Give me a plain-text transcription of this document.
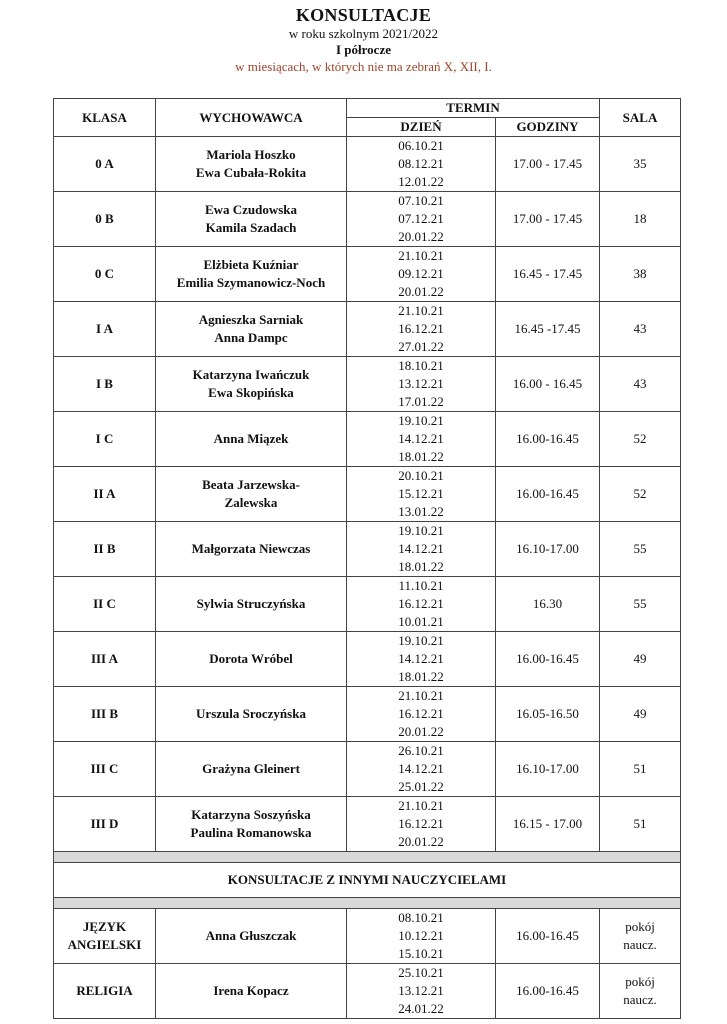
KONSULTACJE
w roku szkolnym 2021/2022
I półrocze
w miesiącach, w których nie ma zebrań X, XII, I.
KLASA	WYCHOWAWCA	TERMIN		SALA
		DZIEŃ	GODZINY	
0 A	Mariola Hoszko
Ewa Cubała-Rokita	06.10.21
08.12.21
12.01.22	17.00 - 17.45	35
0 B	Ewa Czudowska
Kamila Szadach	07.10.21
07.12.21
20.01.22	17.00 - 17.45	18
0 C	Elżbieta Kuźniar
Emilia Szymanowicz-Noch	21.10.21
09.12.21
20.01.22	16.45 - 17.45	38
I A	Agnieszka Sarniak
Anna Dampc	21.10.21
16.12.21
27.01.22	16.45 -17.45	43
I B	Katarzyna Iwańczuk
Ewa Skopińska	18.10.21
13.12.21
17.01.22	16.00 - 16.45	43
I C	Anna Miązek	19.10.21
14.12.21
18.01.22	16.00-16.45	52
II A	Beata Jarzewska-
Zalewska	20.10.21
15.12.21
13.01.22	16.00-16.45	52
II B	Małgorzata Niewczas	19.10.21
14.12.21
18.01.22	16.10-17.00	55
II C	Sylwia Struczyńska	11.10.21
16.12.21
10.01.21	16.30	55
III A	Dorota Wróbel	19.10.21
14.12.21
18.01.22	16.00-16.45	49
III B	Urszula Sroczyńska	21.10.21
16.12.21
20.01.22	16.05-16.50	49
III C	Grażyna Gleinert	26.10.21
14.12.21
25.01.22	16.10-17.00	51
III D	Katarzyna Soszyńska
Paulina Romanowska	21.10.21
16.12.21
20.01.22	16.15 - 17.00	51

KONSULTACJE Z INNYMI NAUCZYCIELAMI				

JĘZYK
ANGIELSKI	Anna Głuszczak	08.10.21
10.12.21
15.10.21	16.00-16.45	pokój
naucz.
RELIGIA	Irena Kopacz	25.10.21
13.12.21
24.01.22	16.00-16.45	pokój
naucz.
